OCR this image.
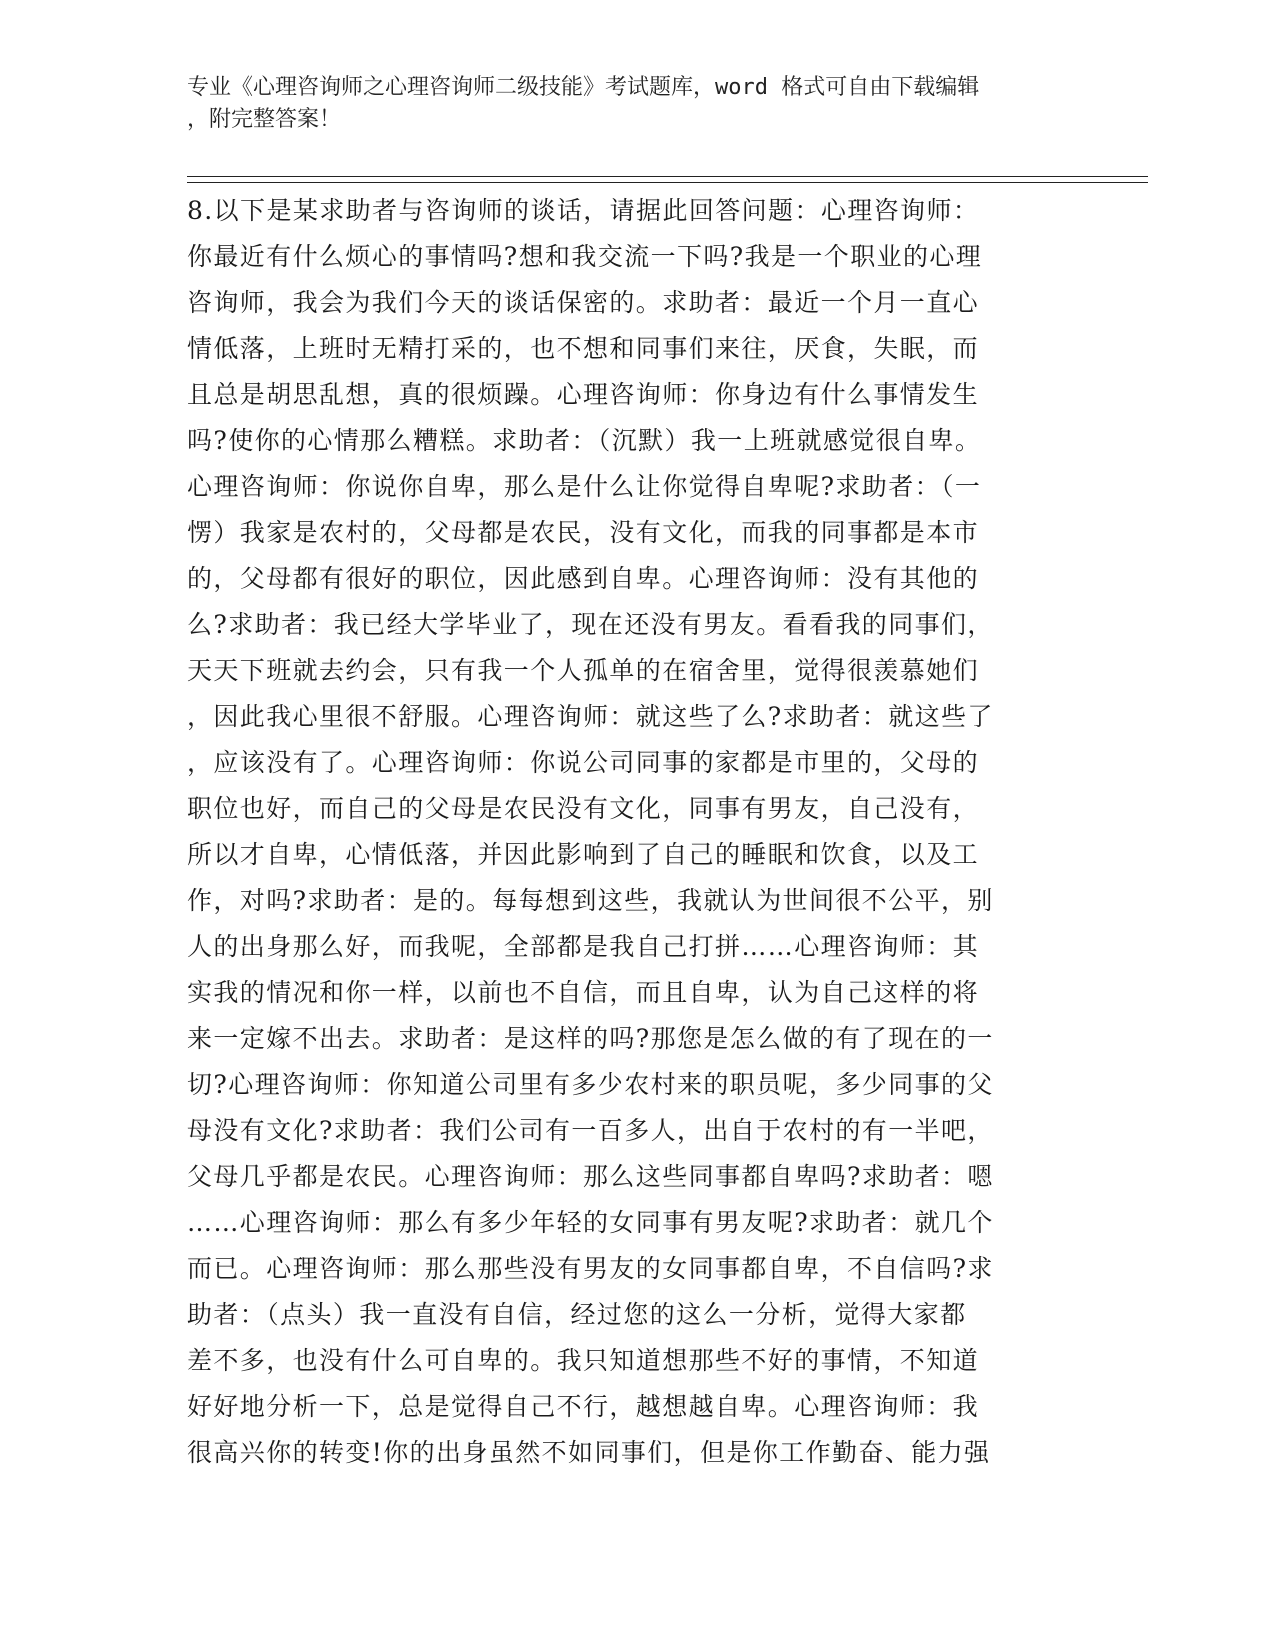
专业《心理咨询师之心理咨询师二级技能》考试题库，word 格式可自由下载编辑
，附完整答案！
8.以下是某求助者与咨询师的谈话，请据此回答问题：心理咨询师：
你最近有什么烦心的事情吗?想和我交流一下吗?我是一个职业的心理
咨询师，我会为我们今天的谈话保密的。求助者：最近一个月一直心
情低落，上班时无精打采的，也不想和同事们来往，厌食，失眠，而
且总是胡思乱想，真的很烦躁。心理咨询师：你身边有什么事情发生
吗?使你的心情那么糟糕。求助者：（沉默）我一上班就感觉很自卑。
心理咨询师：你说你自卑，那么是什么让你觉得自卑呢?求助者：（一
愣）我家是农村的，父母都是农民，没有文化，而我的同事都是本市
的，父母都有很好的职位，因此感到自卑。心理咨询师：没有其他的
么?求助者：我已经大学毕业了，现在还没有男友。看看我的同事们，
天天下班就去约会，只有我一个人孤单的在宿舍里，觉得很羡慕她们
，因此我心里很不舒服。心理咨询师：就这些了么?求助者：就这些了
，应该没有了。心理咨询师：你说公司同事的家都是市里的，父母的
职位也好，而自己的父母是农民没有文化，同事有男友，自己没有，
所以才自卑，心情低落，并因此影响到了自己的睡眠和饮食，以及工
作，对吗?求助者：是的。每每想到这些，我就认为世间很不公平，别
人的出身那么好，而我呢，全部都是我自己打拼……心理咨询师：其
实我的情况和你一样，以前也不自信，而且自卑，认为自己这样的将
来一定嫁不出去。求助者：是这样的吗?那您是怎么做的有了现在的一
切?心理咨询师：你知道公司里有多少农村来的职员呢，多少同事的父
母没有文化?求助者：我们公司有一百多人，出自于农村的有一半吧，
父母几乎都是农民。心理咨询师：那么这些同事都自卑吗?求助者：嗯
……心理咨询师：那么有多少年轻的女同事有男友呢?求助者：就几个
而已。心理咨询师：那么那些没有男友的女同事都自卑，不自信吗?求
助者：（点头）我一直没有自信，经过您的这么一分析，觉得大家都
差不多，也没有什么可自卑的。我只知道想那些不好的事情，不知道
好好地分析一下，总是觉得自己不行，越想越自卑。心理咨询师：我
很高兴你的转变!你的出身虽然不如同事们，但是你工作勤奋、能力强
